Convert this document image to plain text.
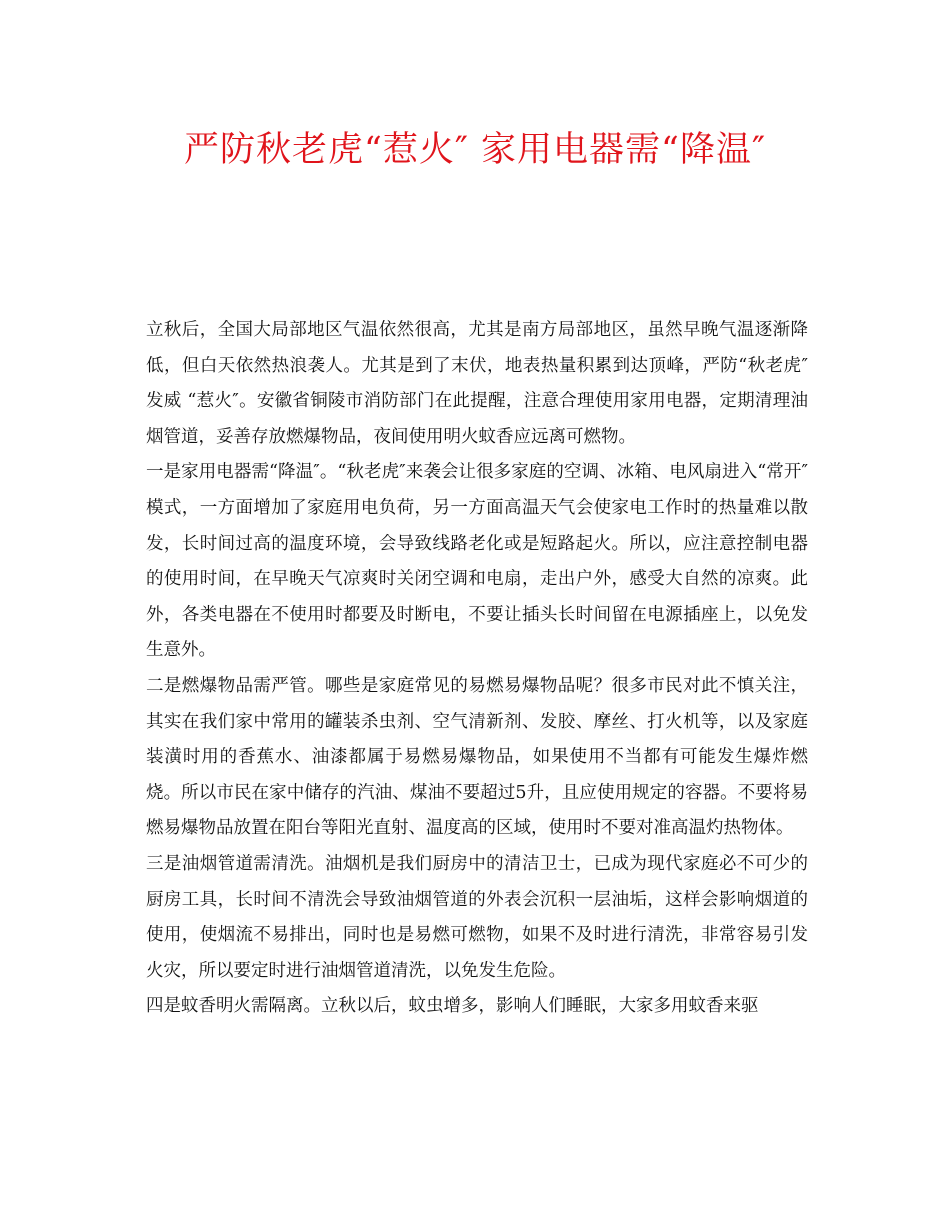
严防秋老虎“惹火″ 家用电器需“降温″

立秋后，全国大局部地区气温依然很高，尤其是南方局部地区，虽然早晚气温逐渐降低，但白天依然热浪袭人。尤其是到了末伏，地表热量积累到达顶峰，严防“秋老虎″发威 “惹火″。安徽省铜陵市消防部门在此提醒，注意合理使用家用电器，定期清理油烟管道，妥善存放燃爆物品，夜间使用明火蚊香应远离可燃物。

一是家用电器需“降温″。“秋老虎″来袭会让很多家庭的空调、冰箱、电风扇进入“常开″模式，一方面增加了家庭用电负荷，另一方面高温天气会使家电工作时的热量难以散发，长时间过高的温度环境，会导致线路老化或是短路起火。所以，应注意控制电器的使用时间，在早晚天气凉爽时关闭空调和电扇，走出户外，感受大自然的凉爽。此外，各类电器在不使用时都要及时断电，不要让插头长时间留在电源插座上，以免发生意外。

二是燃爆物品需严管。哪些是家庭常见的易燃易爆物品呢？很多市民对此不慎关注，其实在我们家中常用的罐装杀虫剂、空气清新剂、发胶、摩丝、打火机等，以及家庭装潢时用的香蕉水、油漆都属于易燃易爆物品，如果使用不当都有可能发生爆炸燃烧。所以市民在家中储存的汽油、煤油不要超过5升，且应使用规定的容器。不要将易燃易爆物品放置在阳台等阳光直射、温度高的区域，使用时不要对准高温灼热物体。

三是油烟管道需清洗。油烟机是我们厨房中的清洁卫士，已成为现代家庭必不可少的厨房工具，长时间不清洗会导致油烟管道的外表会沉积一层油垢，这样会影响烟道的使用，使烟流不易排出，同时也是易燃可燃物，如果不及时进行清洗，非常容易引发火灾，所以要定时进行油烟管道清洗，以免发生危险。

四是蚊香明火需隔离。立秋以后，蚊虫增多，影响人们睡眠，大家多用蚊香来驱
